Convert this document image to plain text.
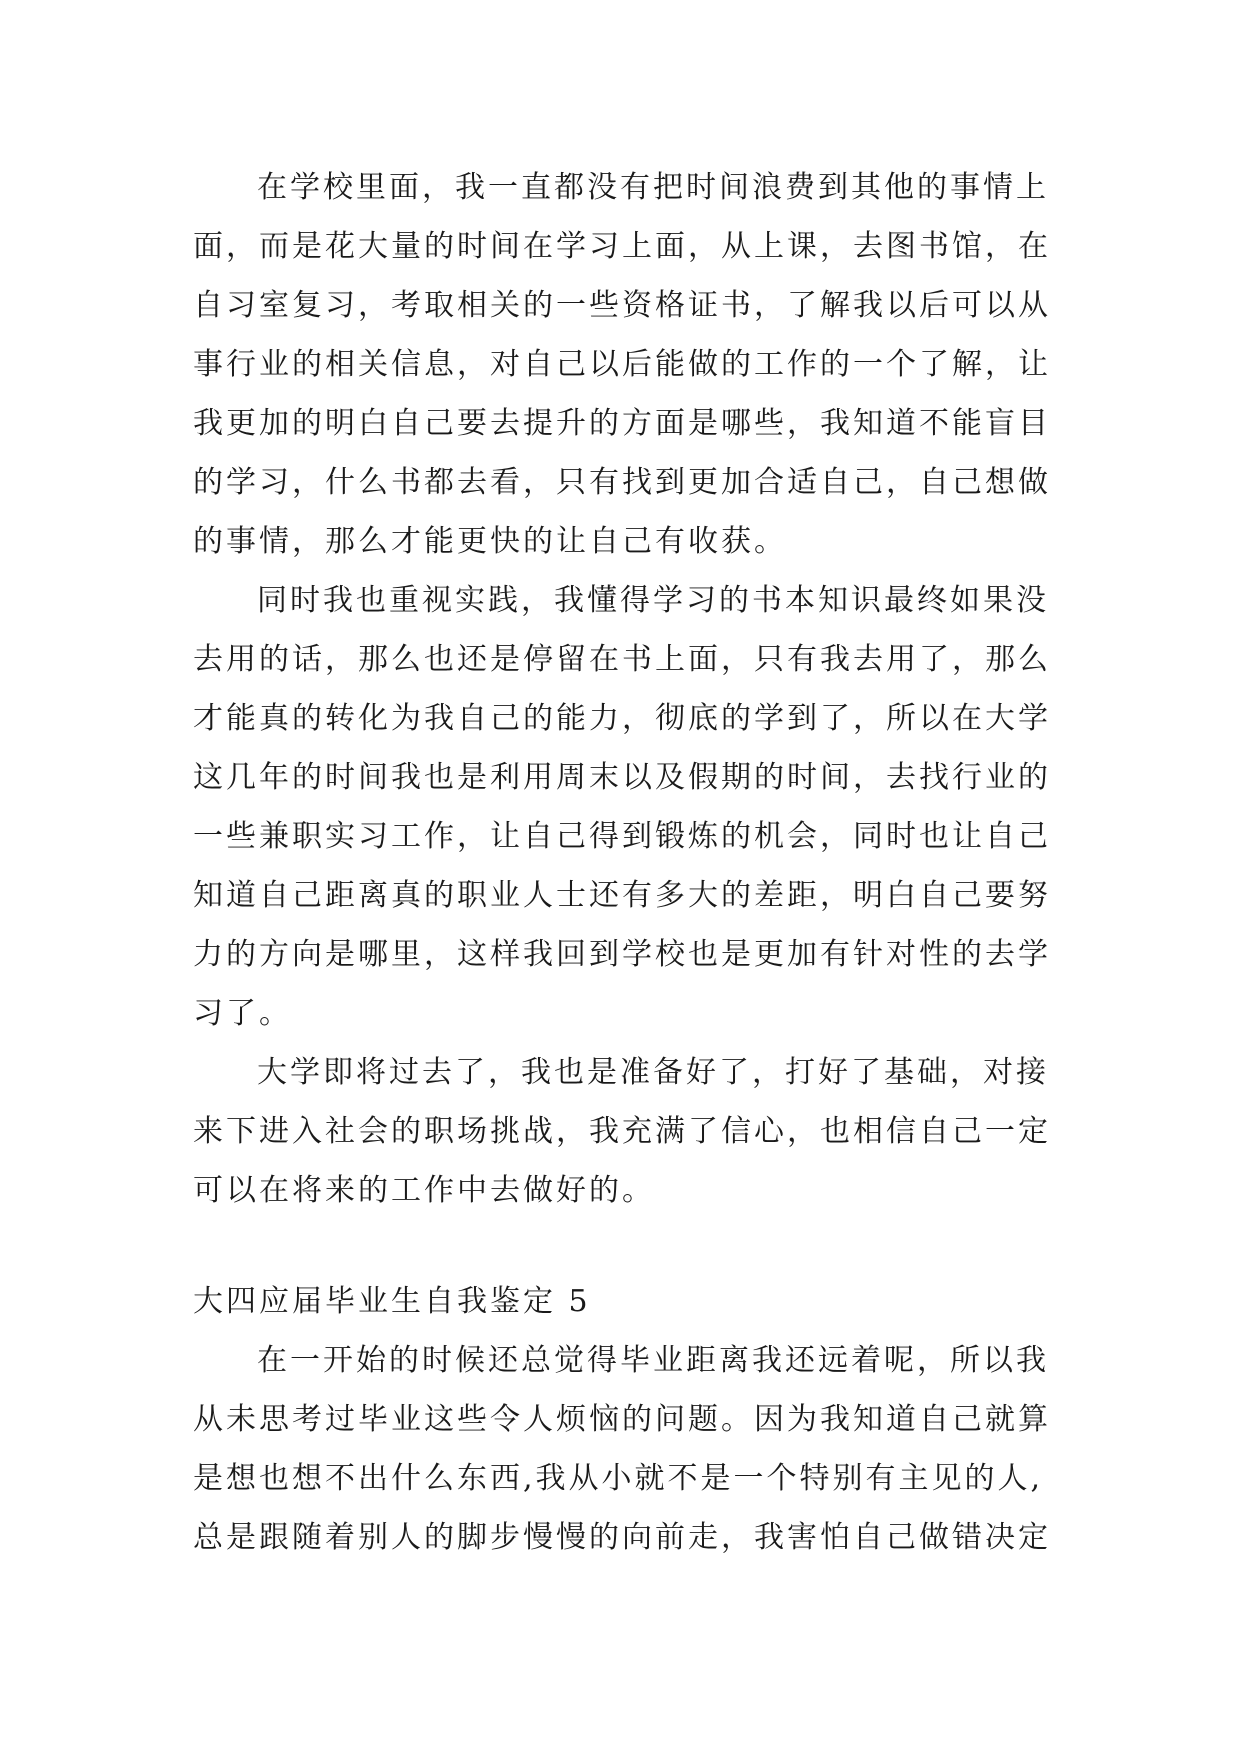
在学校里面，我一直都没有把时间浪费到其他的事情上
面，而是花大量的时间在学习上面，从上课，去图书馆，在
自习室复习，考取相关的一些资格证书，了解我以后可以从
事行业的相关信息，对自己以后能做的工作的一个了解，让
我更加的明白自己要去提升的方面是哪些，我知道不能盲目
的学习，什么书都去看，只有找到更加合适自己，自己想做
的事情，那么才能更快的让自己有收获。

同时我也重视实践，我懂得学习的书本知识最终如果没
去用的话，那么也还是停留在书上面，只有我去用了，那么
才能真的转化为我自己的能力，彻底的学到了，所以在大学
这几年的时间我也是利用周末以及假期的时间，去找行业的
一些兼职实习工作，让自己得到锻炼的机会，同时也让自己
知道自己距离真的职业人士还有多大的差距，明白自己要努
力的方向是哪里，这样我回到学校也是更加有针对性的去学
习了。

大学即将过去了，我也是准备好了，打好了基础，对接
来下进入社会的职场挑战，我充满了信心，也相信自己一定
可以在将来的工作中去做好的。

大四应届毕业生自我鉴定 5

在一开始的时候还总觉得毕业距离我还远着呢，所以我
从未思考过毕业这些令人烦恼的问题。因为我知道自己就算
是想也想不出什么东西,我从小就不是一个特别有主见的人,
总是跟随着别人的脚步慢慢的向前走，我害怕自己做错决定
